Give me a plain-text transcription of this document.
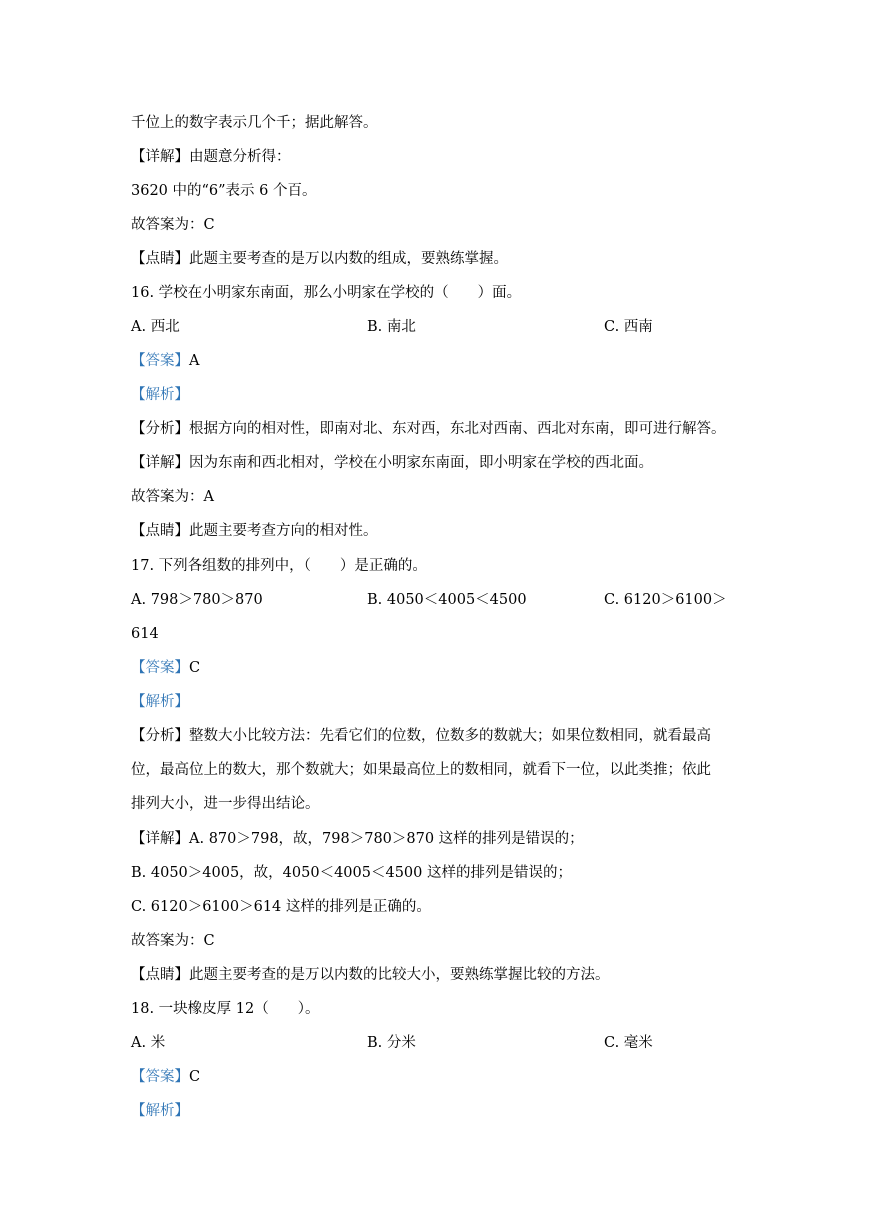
千位上的数字表示几个千；据此解答。
【详解】由题意分析得：
3620 中的“6”表示 6 个百。
故答案为：C
【点睛】此题主要考查的是万以内数的组成，要熟练掌握。
16. 学校在小明家东南面，那么小明家在学校的（　　）面。
A. 西北	B. 南北	C. 西南
【答案】A
【解析】
【分析】根据方向的相对性，即南对北、东对西，东北对西南、西北对东南，即可进行解答。
【详解】因为东南和西北相对，学校在小明家东南面，即小明家在学校的西北面。
故答案为：A
【点睛】此题主要考查方向的相对性。
17. 下列各组数的排列中，（　　）是正确的。
A. 798＞780＞870	B. 4050＜4005＜4500	C. 6120＞6100＞
614
【答案】C
【解析】
【分析】整数大小比较方法：先看它们的位数，位数多的数就大；如果位数相同，就看最高
位，最高位上的数大，那个数就大；如果最高位上的数相同，就看下一位，以此类推；依此
排列大小，进一步得出结论。
【详解】A. 870＞798，故，798＞780＞870 这样的排列是错误的；
B. 4050＞4005，故，4050＜4005＜4500 这样的排列是错误的；
C. 6120＞6100＞614 这样的排列是正确的。
故答案为：C
【点睛】此题主要考查的是万以内数的比较大小，要熟练掌握比较的方法。
18. 一块橡皮厚 12（　　）。
A. 米	B. 分米	C. 毫米
【答案】C
【解析】
